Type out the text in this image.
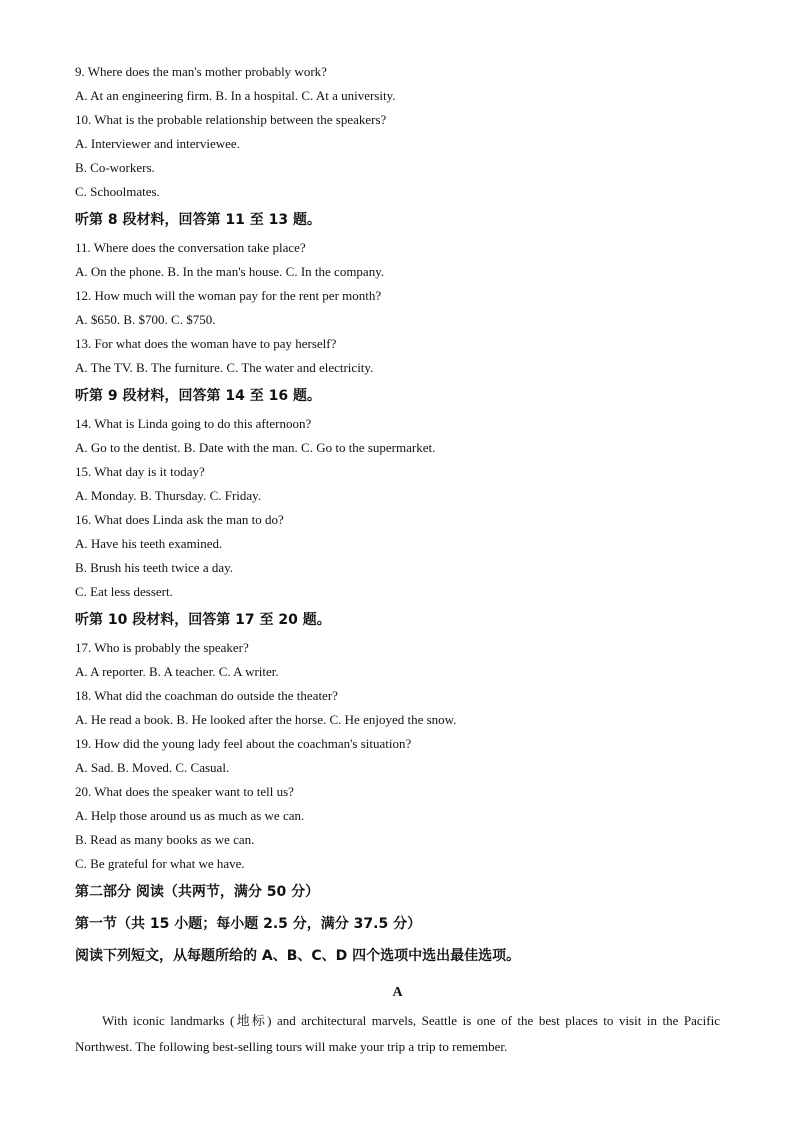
9. Where does the man's mother probably work?
A. At an engineering firm. B. In a hospital. C. At a university.
10. What is the probable relationship between the speakers?
A. Interviewer and interviewee.
B. Co-workers.
C. Schoolmates.
听第 8 段材料，回答第 11 至 13 题。
11. Where does the conversation take place?
A. On the phone. B. In the man's house. C. In the company.
12. How much will the woman pay for the rent per month?
A. $650. B. $700. C. $750.
13. For what does the woman have to pay herself?
A. The TV. B. The furniture. C. The water and electricity.
听第 9 段材料，回答第 14 至 16 题。
14. What is Linda going to do this afternoon?
A. Go to the dentist. B. Date with the man. C. Go to the supermarket.
15. What day is it today?
A. Monday. B. Thursday. C. Friday.
16. What does Linda ask the man to do?
A. Have his teeth examined.
B. Brush his teeth twice a day.
C. Eat less dessert.
听第 10 段材料，回答第 17 至 20 题。
17. Who is probably the speaker?
A. A reporter. B. A teacher. C. A writer.
18. What did the coachman do outside the theater?
A. He read a book. B. He looked after the horse. C. He enjoyed the snow.
19. How did the young lady feel about the coachman's situation?
A. Sad. B. Moved. C. Casual.
20. What does the speaker want to tell us?
A. Help those around us as much as we can.
B. Read as many books as we can.
C. Be grateful for what we have.
第二部分 阅读（共两节，满分 50 分）
第一节（共 15 小题；每小题 2.5 分，满分 37.5 分）
阅读下列短文，从每题所给的 A、B、C、D 四个选项中选出最佳选项。
A
With iconic landmarks (地标) and architectural marvels, Seattle is one of the best places to visit in the Pacific Northwest. The following best-selling tours will make your trip a trip to remember.
